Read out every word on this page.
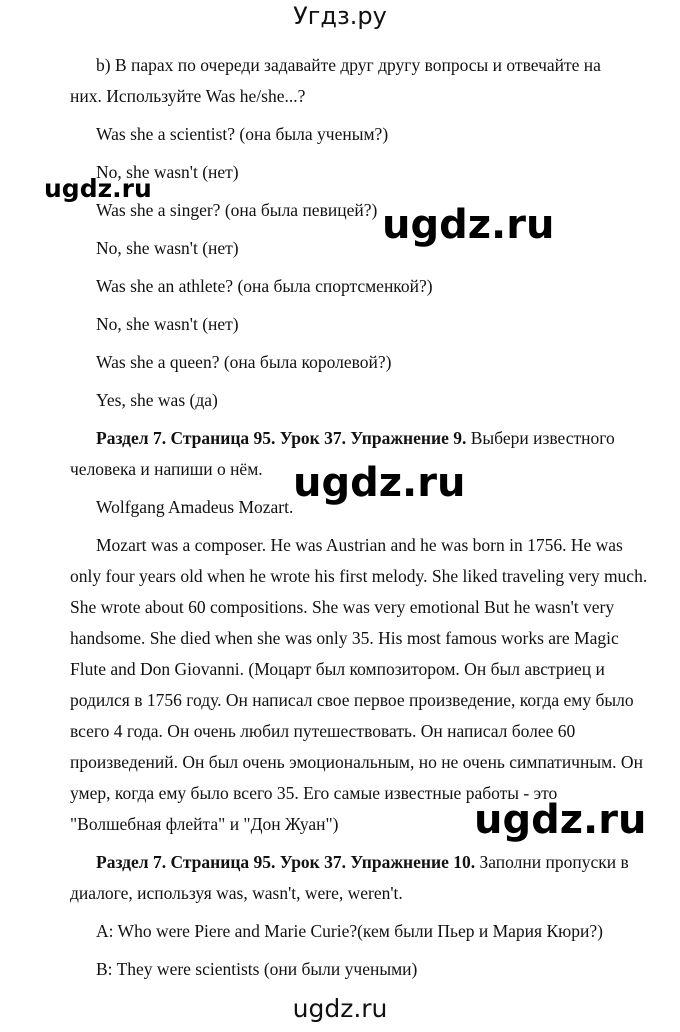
Угдз.ру

b) В парах по очереди задавайте друг другу вопросы и отвечайте на

них. Используйте Was he/she...?

Was she a scientist? (она была ученым?)

No, she wasn't (нет)

Was she a singer? (она была певицей?)

No, she wasn't (нет)

Was she an athlete? (она была спортсменкой?)

No, she wasn't (нет)

Was she a queen? (она была королевой?)

Yes, she was (да)

Раздел 7. Страница 95. Урок 37. Упражнение 9. Выбери известного

человека и напиши о нём.

Wolfgang Amadeus Mozart.

Mozart was a composer. He was Austrian and he was born in 1756. He was

only four years old when he wrote his first melody. She liked traveling very much.

She wrote about 60 compositions. She was very emotional But he wasn't very

handsome. She died when she was only 35. His most famous works are Magic

Flute and Don Giovanni. (Моцарт был композитором. Он был австриец и

родился в 1756 году. Он написал свое первое произведение, когда ему было

всего 4 года. Он очень любил путешествовать. Он написал более 60

произведений. Он был очень эмоциональным, но не очень симпатичным. Он

умер, когда ему было всего 35. Его самые известные работы - это

"Волшебная флейта" и "Дон Жуан")

Раздел 7. Страница 95. Урок 37. Упражнение 10. Заполни пропуски в

диалоге, используя was, wasn't, were, weren't.

A: Who were Piere and Marie Curie?(кем были Пьер и Мария Кюри?)

B: They were scientists (они были учеными)

ugdz.ru
ugdz.ru
ugdz.ru
ugdz.ru
ugdz.ru
